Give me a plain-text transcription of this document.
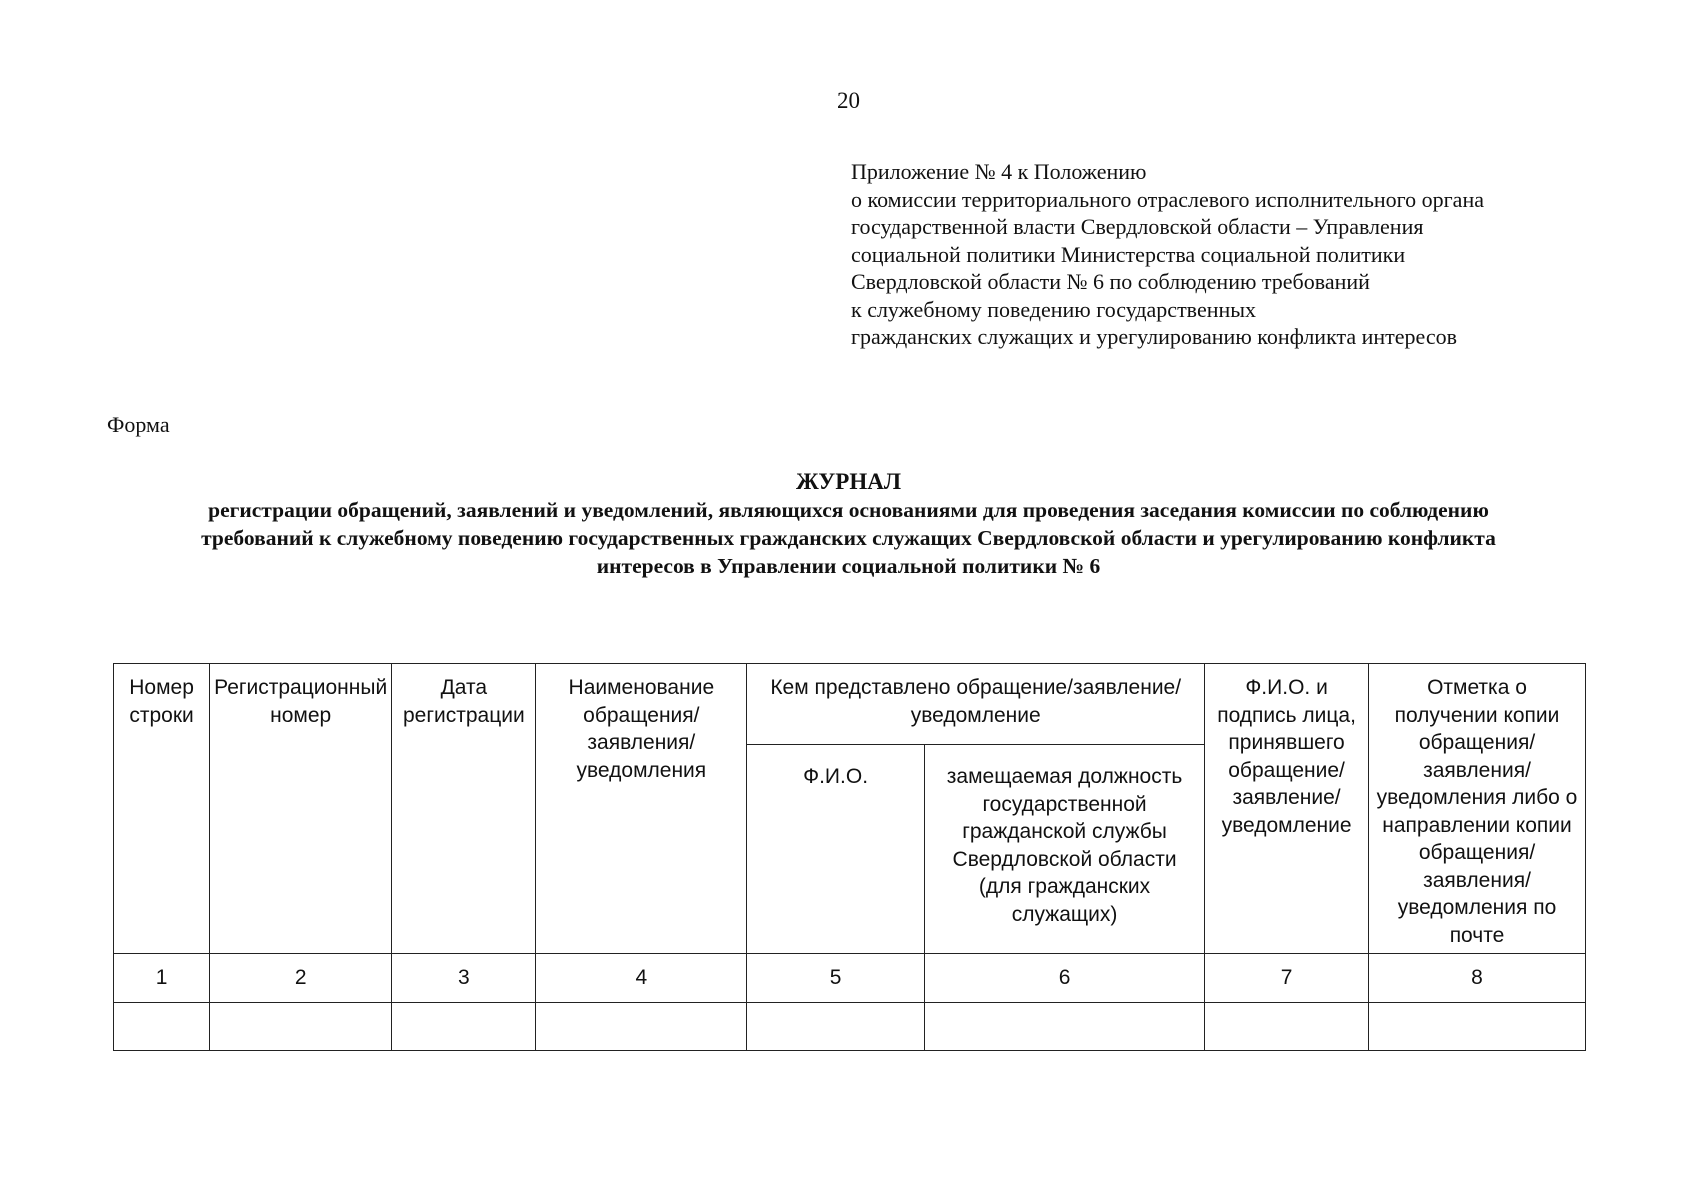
20
Приложение № 4 к Положению
о комиссии территориального отраслевого исполнительного органа
государственной власти Свердловской области – Управления
социальной политики Министерства социальной политики
Свердловской области № 6 по соблюдению требований
к служебному поведению государственных
гражданских служащих и урегулированию конфликта интересов
Форма
ЖУРНАЛ
регистрации обращений, заявлений и уведомлений, являющихся основаниями для проведения заседания комиссии по соблюдению
требований к служебному поведению государственных гражданских служащих Свердловской области и урегулированию конфликта
интересов в Управлении социальной политики № 6
Номер строки	Регистрационный номер	Дата регистрации	Наименование обращения/заявления/уведомления	Кем представлено обращение/заявление/уведомление		Ф.И.О. и подпись лица, принявшего обращение/заявление/уведомление	Отметка о получении копии обращения/заявления/уведомления либо о направлении копии обращения/заявления/уведомления по почте
				Ф.И.О.	замещаемая должность государственной гражданской службы Свердловской области (для гражданских служащих)		
1	2	3	4	5	6	7	8
